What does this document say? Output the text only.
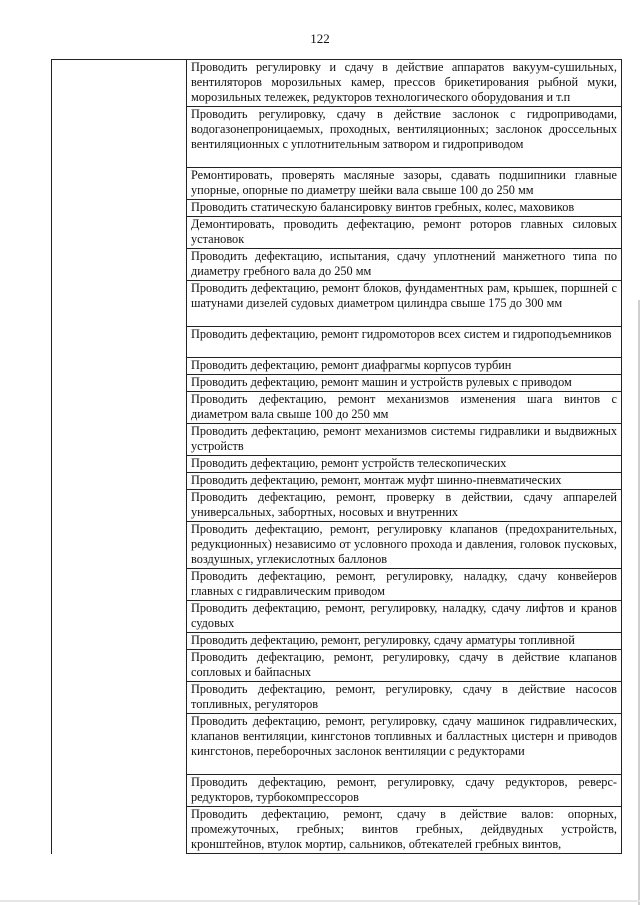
122
	Проводить регулировку и сдачу в действие аппаратов вакуум-сушильных, вентиляторов морозильных камер, прессов брикетирования рыбной муки, морозильных тележек, редукторов технологического оборудования и т.п
Проводить регулировку, сдачу в действие заслонок с гидроприводами, водогазонепроницаемых, проходных, вентиляционных; заслонок дроссельных вентиляционных с уплотнительным затвором и гидроприводом
Ремонтировать, проверять масляные зазоры, сдавать подшипники главные упорные, опорные по диаметру шейки вала свыше 100 до 250 мм
Проводить статическую балансировку винтов гребных, колес, маховиков
Демонтировать, проводить дефектацию, ремонт роторов главных силовых установок
Проводить дефектацию, испытания, сдачу уплотнений манжетного типа по диаметру гребного вала до 250 мм
Проводить дефектацию, ремонт блоков, фундаментных рам, крышек, поршней с шатунами дизелей судовых диаметром цилиндра свыше 175 до 300 мм
Проводить дефектацию, ремонт гидромоторов всех систем и гидроподъемников
Проводить дефектацию, ремонт диафрагмы корпусов турбин
Проводить дефектацию, ремонт машин и устройств рулевых с приводом
Проводить дефектацию, ремонт механизмов изменения шага винтов с диаметром вала свыше 100 до 250 мм
Проводить дефектацию, ремонт механизмов системы гидравлики и выдвижных устройств
Проводить дефектацию, ремонт устройств телескопических
Проводить дефектацию, ремонт, монтаж муфт шинно-пневматических
Проводить дефектацию, ремонт, проверку в действии, сдачу аппарелей универсальных, забортных, носовых и внутренних
Проводить дефектацию, ремонт, регулировку клапанов (предохранительных, редукционных) независимо от условного прохода и давления, головок пусковых, воздушных, углекислотных баллонов
Проводить дефектацию, ремонт, регулировку, наладку, сдачу конвейеров главных с гидравлическим приводом
Проводить дефектацию, ремонт, регулировку, наладку, сдачу лифтов и кранов судовых
Проводить дефектацию, ремонт, регулировку, сдачу арматуры топливной
Проводить дефектацию, ремонт, регулировку, сдачу в действие клапанов сопловых и байпасных
Проводить дефектацию, ремонт, регулировку, сдачу в действие насосов топливных, регуляторов
Проводить дефектацию, ремонт, регулировку, сдачу машинок гидравлических, клапанов вентиляции, кингстонов топливных и балластных цистерн и приводов кингстонов, переборочных заслонок вентиляции с редукторами
Проводить дефектацию, ремонт, регулировку, сдачу редукторов, реверс-редукторов, турбокомпрессоров
Проводить дефектацию, ремонт, сдачу в действие валов: опорных, промежуточных, гребных; винтов гребных, дейдвудных устройств, кронштейнов, втулок мортир, сальников, обтекателей гребных винтов,
